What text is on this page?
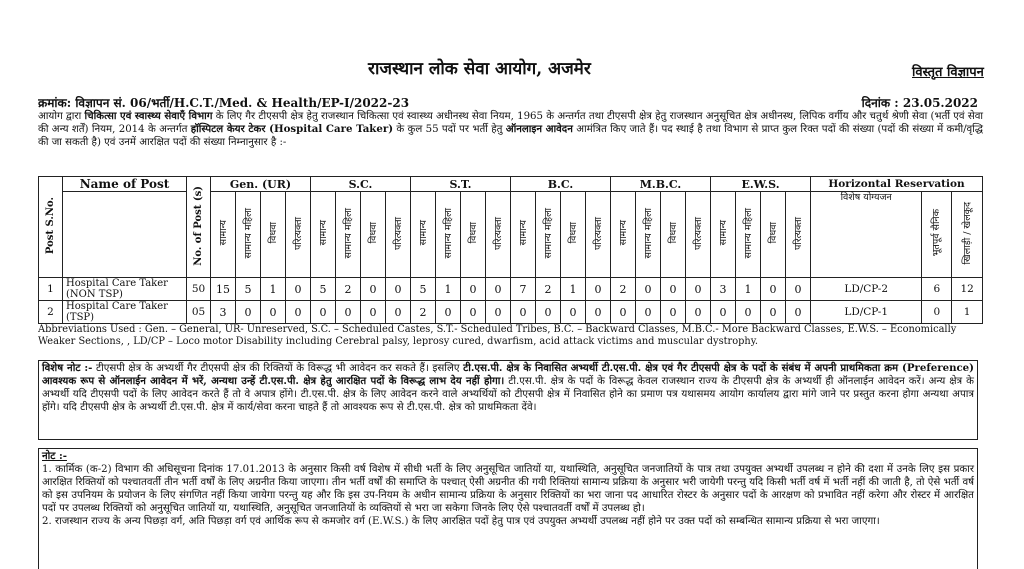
राजस्थान लोक सेवा आयोग, अजमेर	विस्तृत विज्ञापन
क्रमांक: विज्ञापन सं. 06/भर्ती/H.C.T./Med. & Health/EP-I/2022-23	दिनांक : 23.05.2022
आयोग द्वारा चिकित्सा एवं स्वास्थ्य सेवाएँ विभाग के लिए गैर टीएसपी क्षेत्र हेतु राजस्थान चिकित्सा एवं स्वास्थ्य अधीनस्थ सेवा नियम, 1965 के अन्तर्गत तथा टीएसपी क्षेत्र हेतु राजस्थान अनुसूचित क्षेत्र अधीनस्थ, लिपिक वर्गीय और चतुर्थ श्रेणी सेवा (भर्ती एवं सेवा की अन्य शर्तें) नियम, 2014 के अन्तर्गत हॉस्पिटल केयर टेकर (Hospital Care Taker) के कुल 55 पदों पर भर्ती हेतु ऑनलाइन आवेदन आमंत्रित किए जाते हैं। पद स्थाई है तथा विभाग से प्राप्त कुल रिक्त पदों की संख्या (पदों की संख्या में कमी/वृद्धि की जा सकती है) एवं उनमें आरक्षित पदों की संख्या निम्नानुसार है :-
Post S.No.	Name of Post	No. of Post (s)	Gen. (UR)				S.C.				S.T.				B.C.				M.B.C.				E.W.S.				Horizontal Reservation		
			सामान्य	सामान्य महिला	विधवा	परित्यक्ता	सामान्य	सामान्य महिला	विधवा	परित्यक्ता	सामान्य	सामान्य महिला	विधवा	परित्यक्ता	सामान्य	सामान्य महिला	विधवा	परित्यक्ता	सामान्य	सामान्य महिला	विधवा	परित्यक्ता	सामान्य	सामान्य महिला	विधवा	परित्यक्ता	विशेष योग्यजन	भूतपूर्व सैनिक	खिलाड़ी / खेलकूद
1	Hospital Care Taker (NON TSP)	50	15	5	1	0	5	2	0	0	5	1	0	0	7	2	1	0	2	0	0	0	3	1	0	0	LD/CP-2	6	12
2	Hospital Care Taker (TSP)	05	3	0	0	0	0	0	0	0	2	0	0	0	0	0	0	0	0	0	0	0	0	0	0	0	LD/CP-1	0	1
Abbreviations Used : Gen. – General, UR- Unreserved, S.C. – Scheduled Castes, S.T.- Scheduled Tribes, B.C. – Backward Classes, M.B.C.- More Backward Classes, E.W.S. – Economically Weaker Sections, , LD/CP – Loco motor Disability including Cerebral palsy, leprosy cured, dwarfism, acid attack victims and muscular dystrophy.
विशेष नोट :- टीएसपी क्षेत्र के अभ्यर्थी गैर टीएसपी क्षेत्र की रिक्तियों के विरूद्ध भी आवेदन कर सकते हैं। इसलिए टी.एस.पी. क्षेत्र के निवासित अभ्यर्थी टी.एस.पी. क्षेत्र एवं गैर टीएसपी क्षेत्र के पदों के संबंध में अपनी प्राथमिकता क्रम (Preference) आवश्यक रूप से ऑनलाईन आवेदन में भरें, अन्यथा उन्हें टी.एस.पी. क्षेत्र हेतु आरक्षित पदों के विरूद्ध लाभ देय नहीं होगा। टी.एस.पी. क्षेत्र के पदों के विरूद्ध केवल राजस्थान राज्य के टीएसपी क्षेत्र के अभ्यर्थी ही ऑनलाईन आवेदन करें। अन्य क्षेत्र के अभ्यर्थी यदि टीएसपी पदों के लिए आवेदन करते हैं तो वे अपात्र होंगे। टी.एस.पी. क्षेत्र के लिए आवेदन करने वाले अभ्यर्थियों को टीएसपी क्षेत्र में निवासित होने का प्रमाण पत्र यथासमय आयोग कार्यालय द्वारा मांगे जाने पर प्रस्तुत करना होगा अन्यथा अपात्र होंगे। यदि टीएसपी क्षेत्र के अभ्यर्थी टी.एस.पी. क्षेत्र में कार्य/सेवा करना चाहते हैं तो आवश्यक रूप से टी.एस.पी. क्षेत्र को प्राथमिकता देंवे।

नोट :-

1. कार्मिक (क-2) विभाग की अधिसूचना दिनांक 17.01.2013 के अनुसार किसी वर्ष विशेष में सीधी भर्ती के लिए अनुसूचित जातियों या, यथास्थिति, अनुसूचित जनजातियों के पात्र तथा उपयुक्त अभ्यर्थी उपलब्ध न होने की दशा में उनके लिए इस प्रकार आरक्षित रिक्तियों को पश्चातवर्ती तीन भर्ती वर्षों के लिए अग्रनीत किया जाएगा। तीन भर्ती वर्षों की समाप्ति के पश्चात् ऐसी अग्रनीत की गयी रिक्तियां सामान्य प्रक्रिया के अनुसार भरी जायेगी परन्तु यदि किसी भर्ती वर्ष में भर्ती नहीं की जाती है, तो ऐसे भर्ती वर्ष को इस उपनियम के प्रयोजन के लिए संगणित नहीं किया जायेगा परन्तु यह और कि इस उप-नियम के अधीन सामान्य प्रक्रिया के अनुसार रिक्तियों का भरा जाना पद आधारित रोस्टर के अनुसार पदों के आरक्षण को प्रभावित नहीं करेगा और रोस्टर में आरक्षित पदों पर उपलब्ध रिक्तियों को अनुसूचित जातियों या, यथास्थिति, अनुसूचित जनजातियों के व्यक्तियों से भरा जा सकेगा जिनके लिए ऐसे पश्चातवर्ती वर्षों में उपलब्ध हो।

2. राजस्थान राज्य के अन्य पिछड़ा वर्ग, अति पिछड़ा वर्ग एवं आर्थिक रूप से कमजोर वर्ग (E.W.S.) के लिए आरक्षित पदों हेतु पात्र एवं उपयुक्त अभ्यर्थी उपलब्ध नहीं होने पर उक्त पदों को सम्बन्धित सामान्य प्रक्रिया से भरा जाएगा।
